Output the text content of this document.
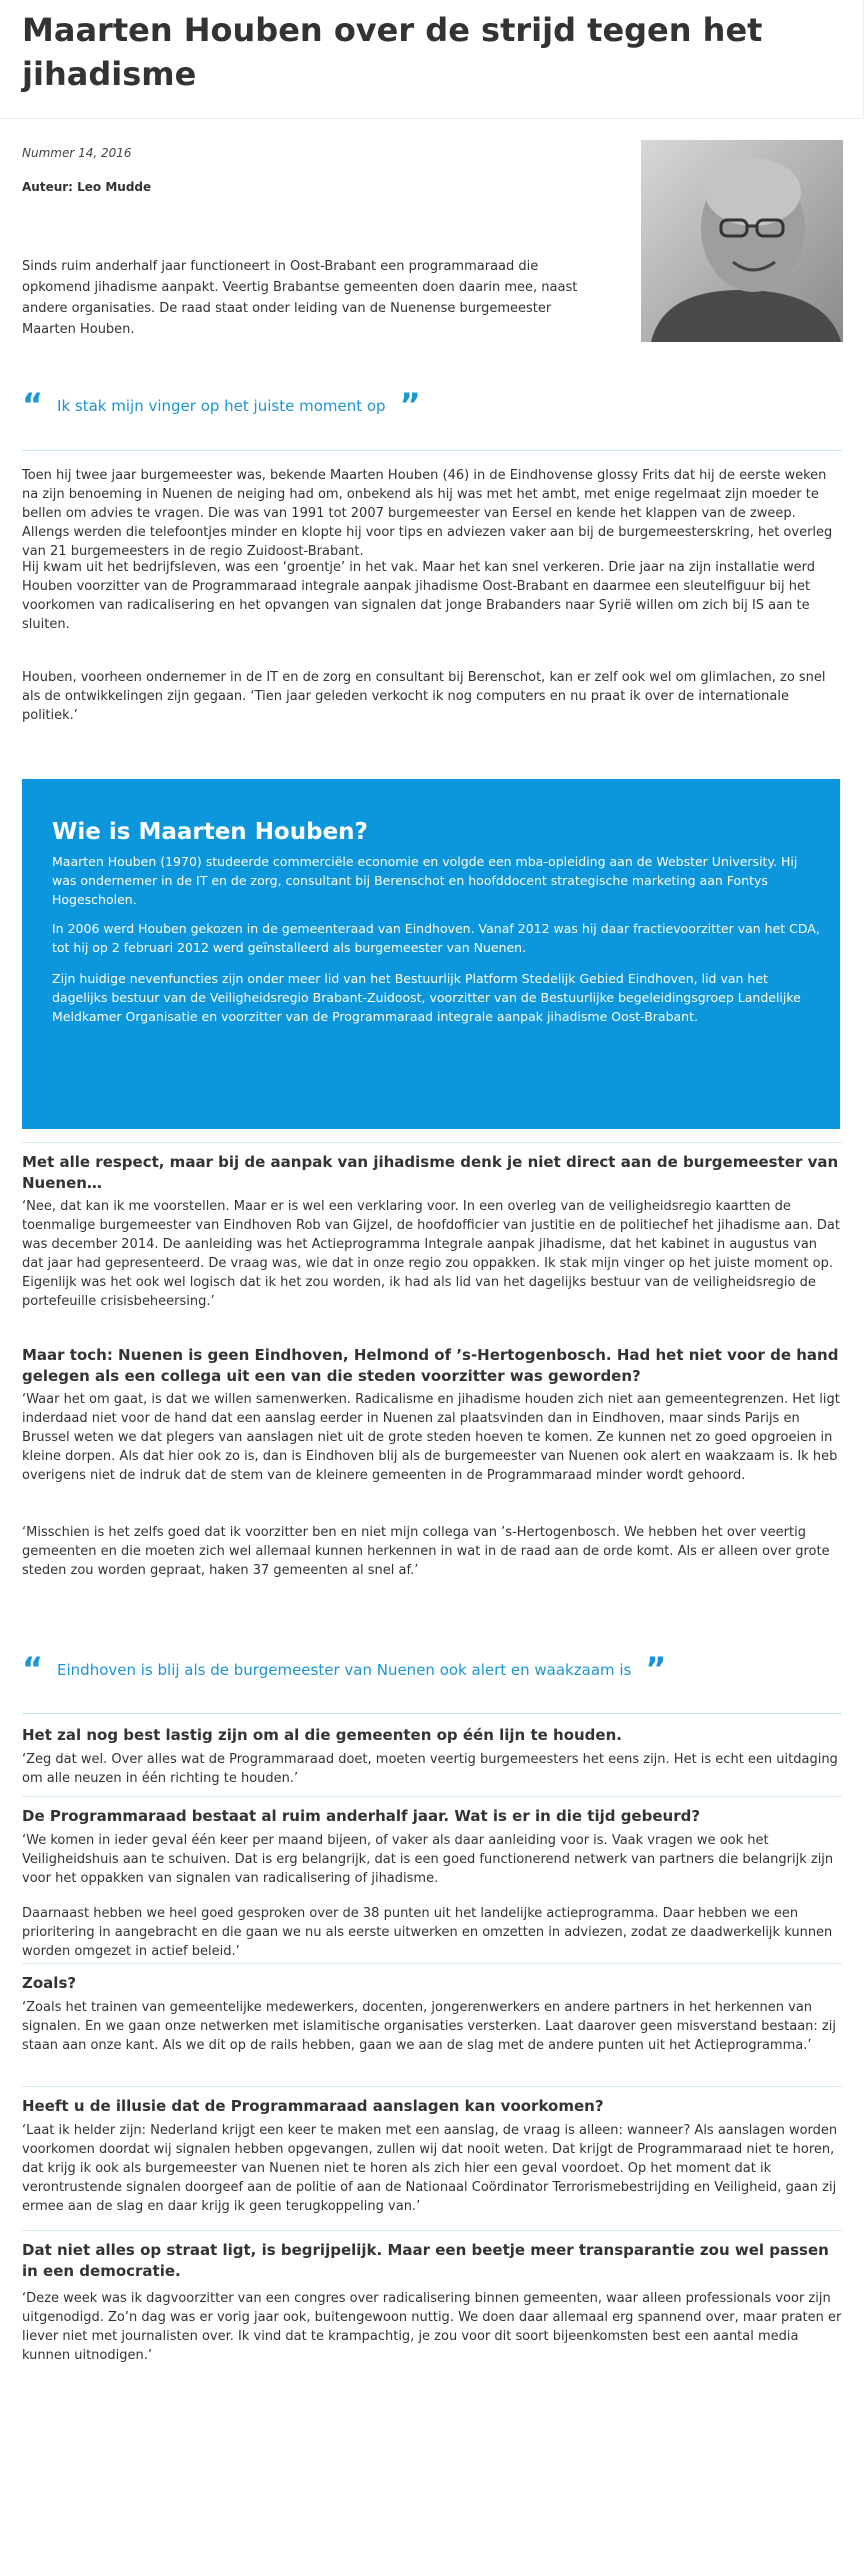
Maarten Houben over de strijd tegen het jihadisme
Nummer 14, 2016
Auteur: Leo Mudde
Sinds ruim anderhalf jaar functioneert in Oost-Brabant een programmaraad die opkomend jihadisme aanpakt. Veertig Brabantse gemeenten doen daarin mee, naast andere organisaties. De raad staat onder leiding van de Nuenense burgemeester Maarten Houben.
“ Ik stak mijn vinger op het juiste moment op ”

Toen hij twee jaar burgemeester was, bekende Maarten Houben (46) in de Eindhovense glossy Frits dat hij de eerste weken na zijn benoeming in Nuenen de neiging had om, onbekend als hij was met het ambt, met enige regelmaat zijn moeder te bellen om advies te vragen. Die was van 1991 tot 2007 burgemeester van Eersel en kende het klappen van de zweep. Allengs werden die telefoontjes minder en klopte hij voor tips en adviezen vaker aan bij de burgemeesterskring, het overleg van 21 burgemeesters in de regio Zuidoost-Brabant.

Hij kwam uit het bedrijfsleven, was een ‘groentje’ in het vak. Maar het kan snel verkeren. Drie jaar na zijn installatie werd Houben voorzitter van de Programmaraad integrale aanpak jihadisme Oost-Brabant en daarmee een sleutelfiguur bij het voorkomen van radicalisering en het opvangen van signalen dat jonge Brabanders naar Syrië willen om zich bij IS aan te sluiten.

Houben, voorheen ondernemer in de IT en de zorg en consultant bij Berenschot, kan er zelf ook wel om glimlachen, zo snel als de ontwikkelingen zijn gegaan. ‘Tien jaar geleden verkocht ik nog computers en nu praat ik over de internationale politiek.’

Wie is Maarten Houben?

Maarten Houben (1970) studeerde commerciële economie en volgde een mba-opleiding aan de Webster University. Hij was ondernemer in de IT en de zorg, consultant bij Berenschot en hoofddocent strategische marketing aan Fontys Hogescholen.

In 2006 werd Houben gekozen in de gemeenteraad van Eindhoven. Vanaf 2012 was hij daar fractievoorzitter van het CDA, tot hij op 2 februari 2012 werd geïnstalleerd als burgemeester van Nuenen.

Zijn huidige nevenfuncties zijn onder meer lid van het Bestuurlijk Platform Stedelijk Gebied Eindhoven, lid van het dagelijks bestuur van de Veiligheidsregio Brabant-Zuidoost, voorzitter van de Bestuurlijke begeleidingsgroep Landelijke Meldkamer Organisatie en voorzitter van de Programmaraad integrale aanpak jihadisme Oost-Brabant.

Met alle respect, maar bij de aanpak van jihadisme denk je niet direct aan de burgemeester van Nuenen…

‘Nee, dat kan ik me voorstellen. Maar er is wel een verklaring voor. In een overleg van de veiligheidsregio kaartten de toenmalige burgemeester van Eindhoven Rob van Gijzel, de hoofdofficier van justitie en de politiechef het jihadisme aan. Dat was december 2014. De aanleiding was het Actieprogramma Integrale aanpak jihadisme, dat het kabinet in augustus van dat jaar had gepresenteerd. De vraag was, wie dat in onze regio zou oppakken. Ik stak mijn vinger op het juiste moment op. Eigenlijk was het ook wel logisch dat ik het zou worden, ik had als lid van het dagelijks bestuur van de veiligheidsregio de portefeuille crisisbeheersing.’

Maar toch: Nuenen is geen Eindhoven, Helmond of ’s-Hertogenbosch. Had het niet voor de hand gelegen als een collega uit een van die steden voorzitter was geworden?

‘Waar het om gaat, is dat we willen samenwerken. Radicalisme en jihadisme houden zich niet aan gemeentegrenzen. Het ligt inderdaad niet voor de hand dat een aanslag eerder in Nuenen zal plaatsvinden dan in Eindhoven, maar sinds Parijs en Brussel weten we dat plegers van aanslagen niet uit de grote steden hoeven te komen. Ze kunnen net zo goed opgroeien in kleine dorpen. Als dat hier ook zo is, dan is Eindhoven blij als de burgemeester van Nuenen ook alert en waakzaam is. Ik heb overigens niet de indruk dat de stem van de kleinere gemeenten in de Programmaraad minder wordt gehoord.

‘Misschien is het zelfs goed dat ik voorzitter ben en niet mijn collega van ’s-Hertogenbosch. We hebben het over veertig gemeenten en die moeten zich wel allemaal kunnen herkennen in wat in de raad aan de orde komt. Als er alleen over grote steden zou worden gepraat, haken 37 gemeenten al snel af.’

“ Eindhoven is blij als de burgemeester van Nuenen ook alert en waakzaam is ”

Het zal nog best lastig zijn om al die gemeenten op één lijn te houden.

‘Zeg dat wel. Over alles wat de Programmaraad doet, moeten veertig burgemeesters het eens zijn. Het is echt een uitdaging om alle neuzen in één richting te houden.’

De Programmaraad bestaat al ruim anderhalf jaar. Wat is er in die tijd gebeurd?

‘We komen in ieder geval één keer per maand bijeen, of vaker als daar aanleiding voor is. Vaak vragen we ook het Veiligheidshuis aan te schuiven. Dat is erg belangrijk, dat is een goed functionerend netwerk van partners die belangrijk zijn voor het oppakken van signalen van radicalisering of jihadisme.

Daarnaast hebben we heel goed gesproken over de 38 punten uit het landelijke actieprogramma. Daar hebben we een prioritering in aangebracht en die gaan we nu als eerste uitwerken en omzetten in adviezen, zodat ze daadwerkelijk kunnen worden omgezet in actief beleid.’

Zoals?

‘Zoals het trainen van gemeentelijke medewerkers, docenten, jongerenwerkers en andere partners in het herkennen van signalen. En we gaan onze netwerken met islamitische organisaties versterken. Laat daarover geen misverstand bestaan: zij staan aan onze kant. Als we dit op de rails hebben, gaan we aan de slag met de andere punten uit het Actieprogramma.’

Heeft u de illusie dat de Programmaraad aanslagen kan voorkomen?

‘Laat ik helder zijn: Nederland krijgt een keer te maken met een aanslag, de vraag is alleen: wanneer? Als aanslagen worden voorkomen doordat wij signalen hebben opgevangen, zullen wij dat nooit weten. Dat krijgt de Programmaraad niet te horen, dat krijg ik ook als burgemeester van Nuenen niet te horen als zich hier een geval voordoet. Op het moment dat ik verontrustende signalen doorgeef aan de politie of aan de Nationaal Coördinator Terrorismebestrijding en Veiligheid, gaan zij ermee aan de slag en daar krijg ik geen terugkoppeling van.’

Dat niet alles op straat ligt, is begrijpelijk. Maar een beetje meer transparantie zou wel passen in een democratie.

‘Deze week was ik dagvoorzitter van een congres over radicalisering binnen gemeenten, waar alleen professionals voor zijn uitgenodigd. Zo’n dag was er vorig jaar ook, buitengewoon nuttig. We doen daar allemaal erg spannend over, maar praten er liever niet met journalisten over. Ik vind dat te krampachtig, je zou voor dit soort bijeenkomsten best een aantal media kunnen uitnodigen.’
